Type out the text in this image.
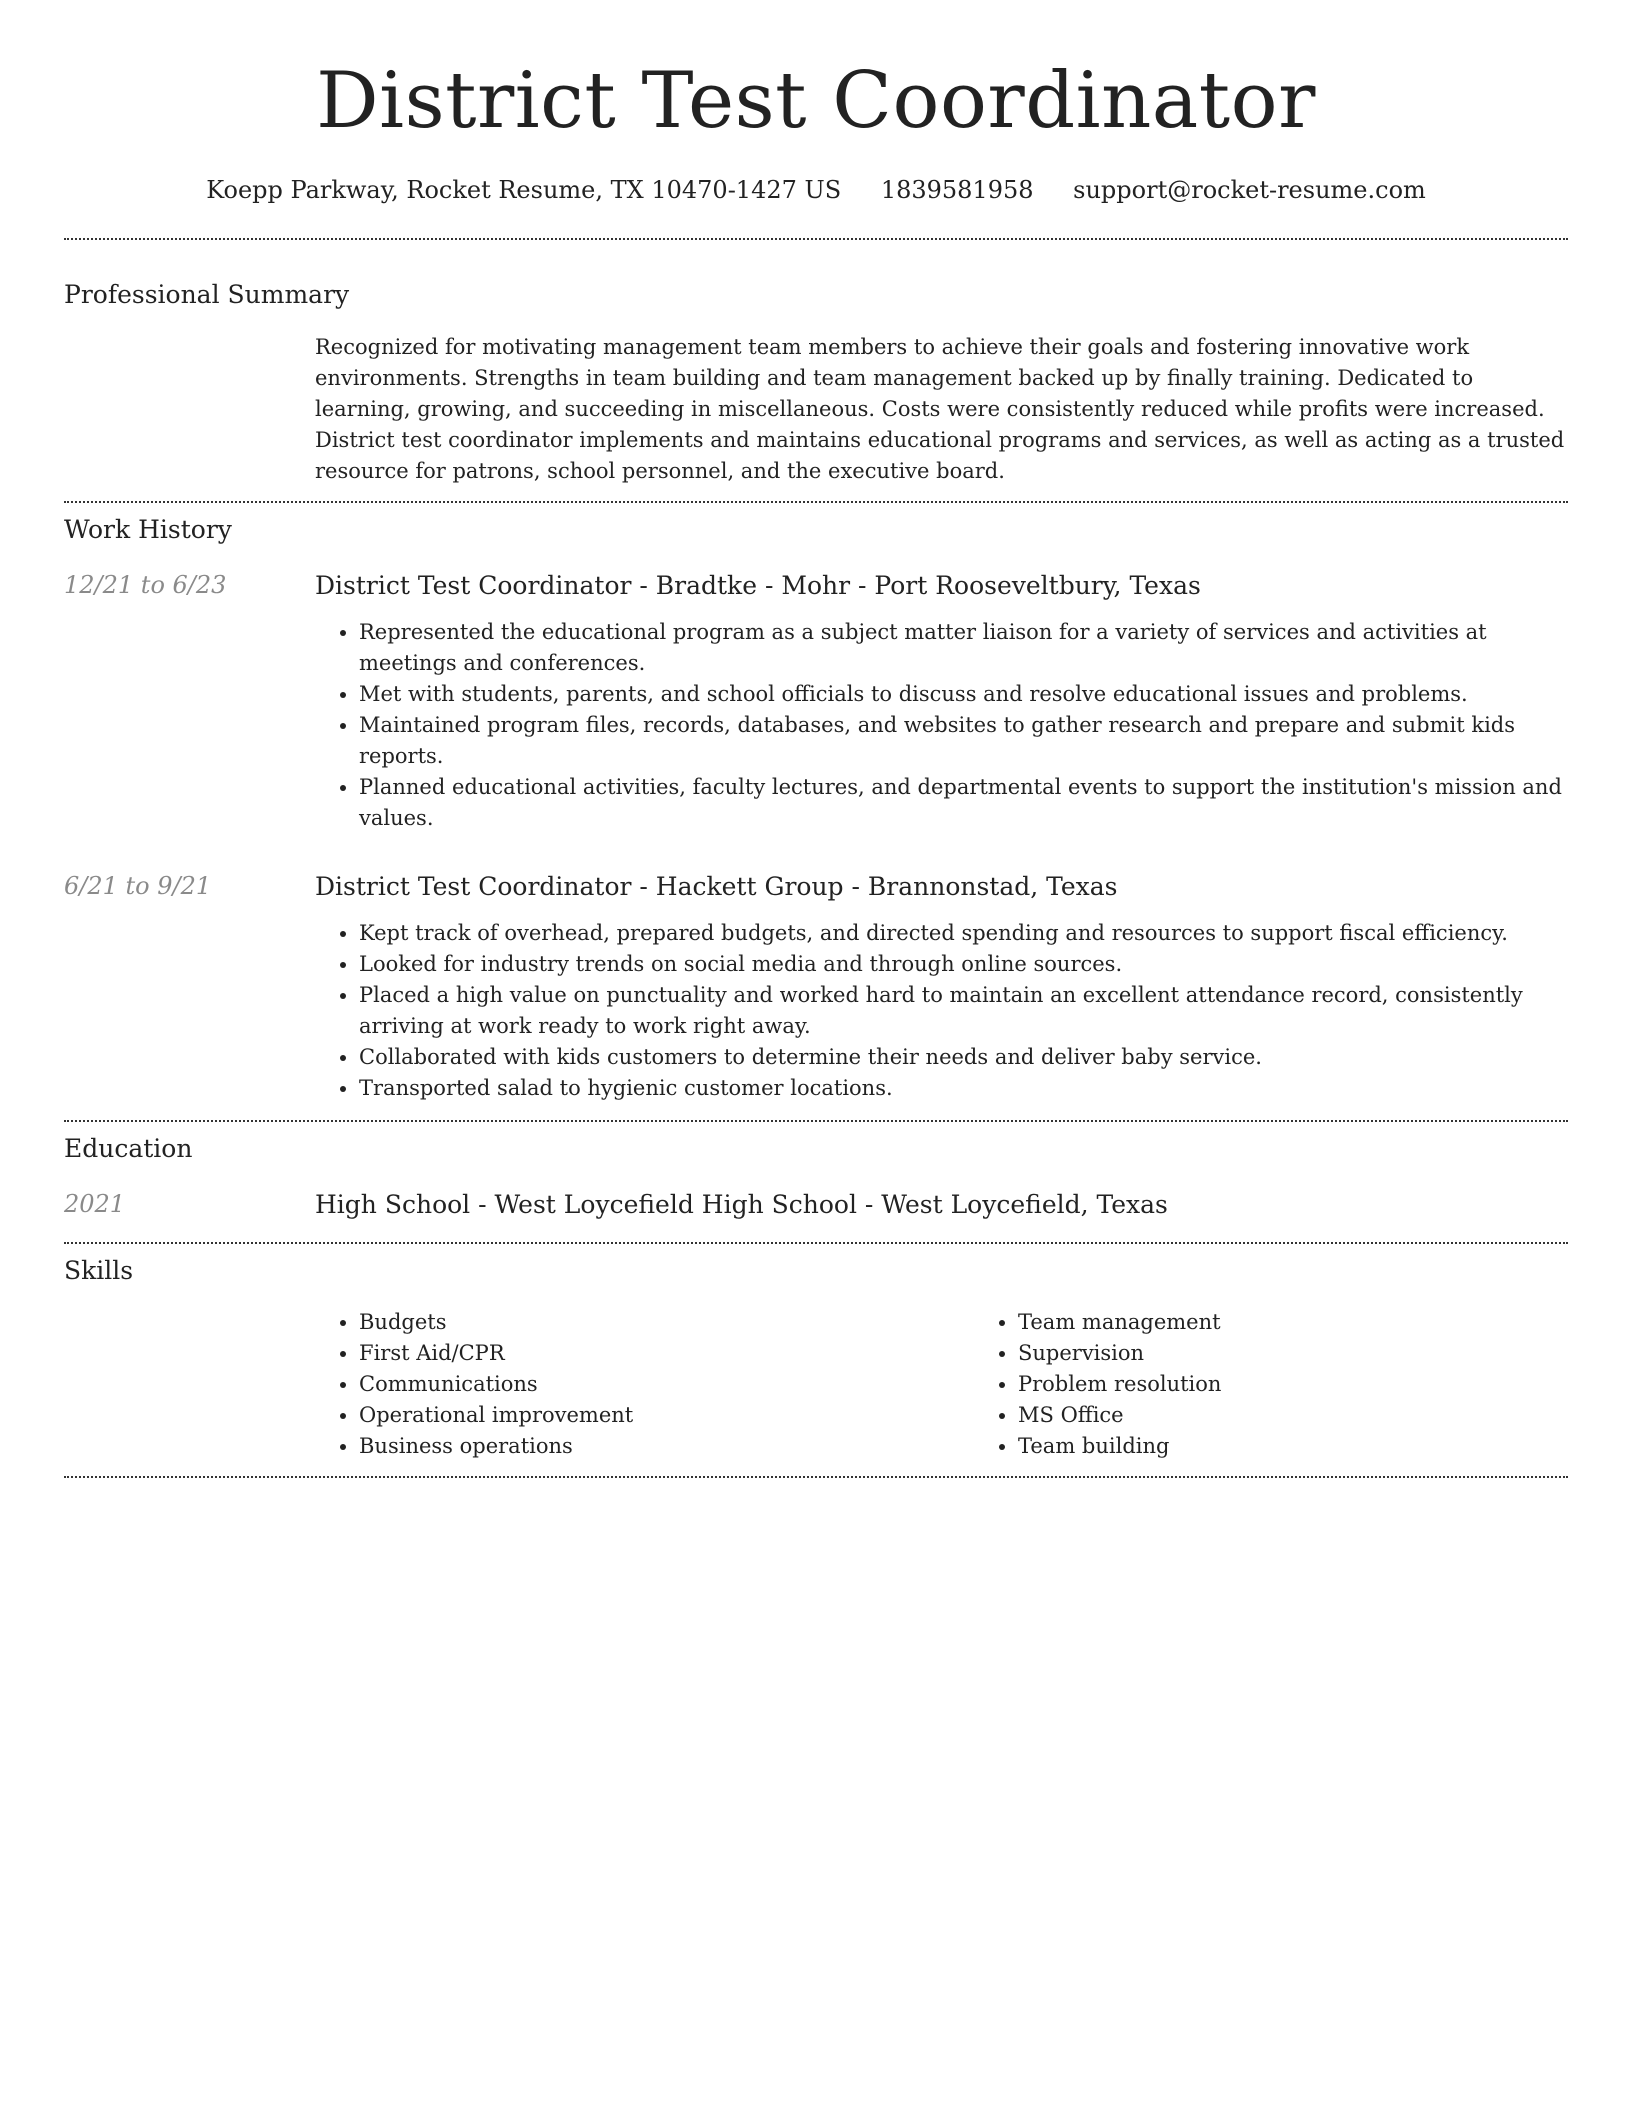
District Test Coordinator
Koepp Parkway, Rocket Resume, TX 10470-1427 US 1839581958 support@rocket-resume.com
Professional Summary

Recognized for motivating management team members to achieve their goals and fostering innovative work environments. Strengths in team building and team management backed up by finally training. Dedicated to learning, growing, and succeeding in miscellaneous. Costs were consistently reduced while profits were increased. District test coordinator implements and maintains educational programs and services, as well as acting as a trusted resource for patrons, school personnel, and the executive board.

Work History
12/21 to 6/23	District Test Coordinator - Bradtke - Mohr - Port Rooseveltbury, Texas
• Represented the educational program as a subject matter liaison for a variety of services and activities at meetings and conferences.
• Met with students, parents, and school officials to discuss and resolve educational issues and problems.
• Maintained program files, records, databases, and websites to gather research and prepare and submit kids reports.
• Planned educational activities, faculty lectures, and departmental events to support the institution's mission and values.
6/21 to 9/21	District Test Coordinator - Hackett Group - Brannonstad, Texas
• Kept track of overhead, prepared budgets, and directed spending and resources to support fiscal efficiency.
• Looked for industry trends on social media and through online sources.
• Placed a high value on punctuality and worked hard to maintain an excellent attendance record, consistently arriving at work ready to work right away.
• Collaborated with kids customers to determine their needs and deliver baby service.
• Transported salad to hygienic customer locations.
Education
2021	High School - West Loycefield High School - West Loycefield, Texas
Skills
• Budgets
• First Aid/CPR
• Communications
• Operational improvement
• Business operations
• Team management
• Supervision
• Problem resolution
• MS Office
• Team building
